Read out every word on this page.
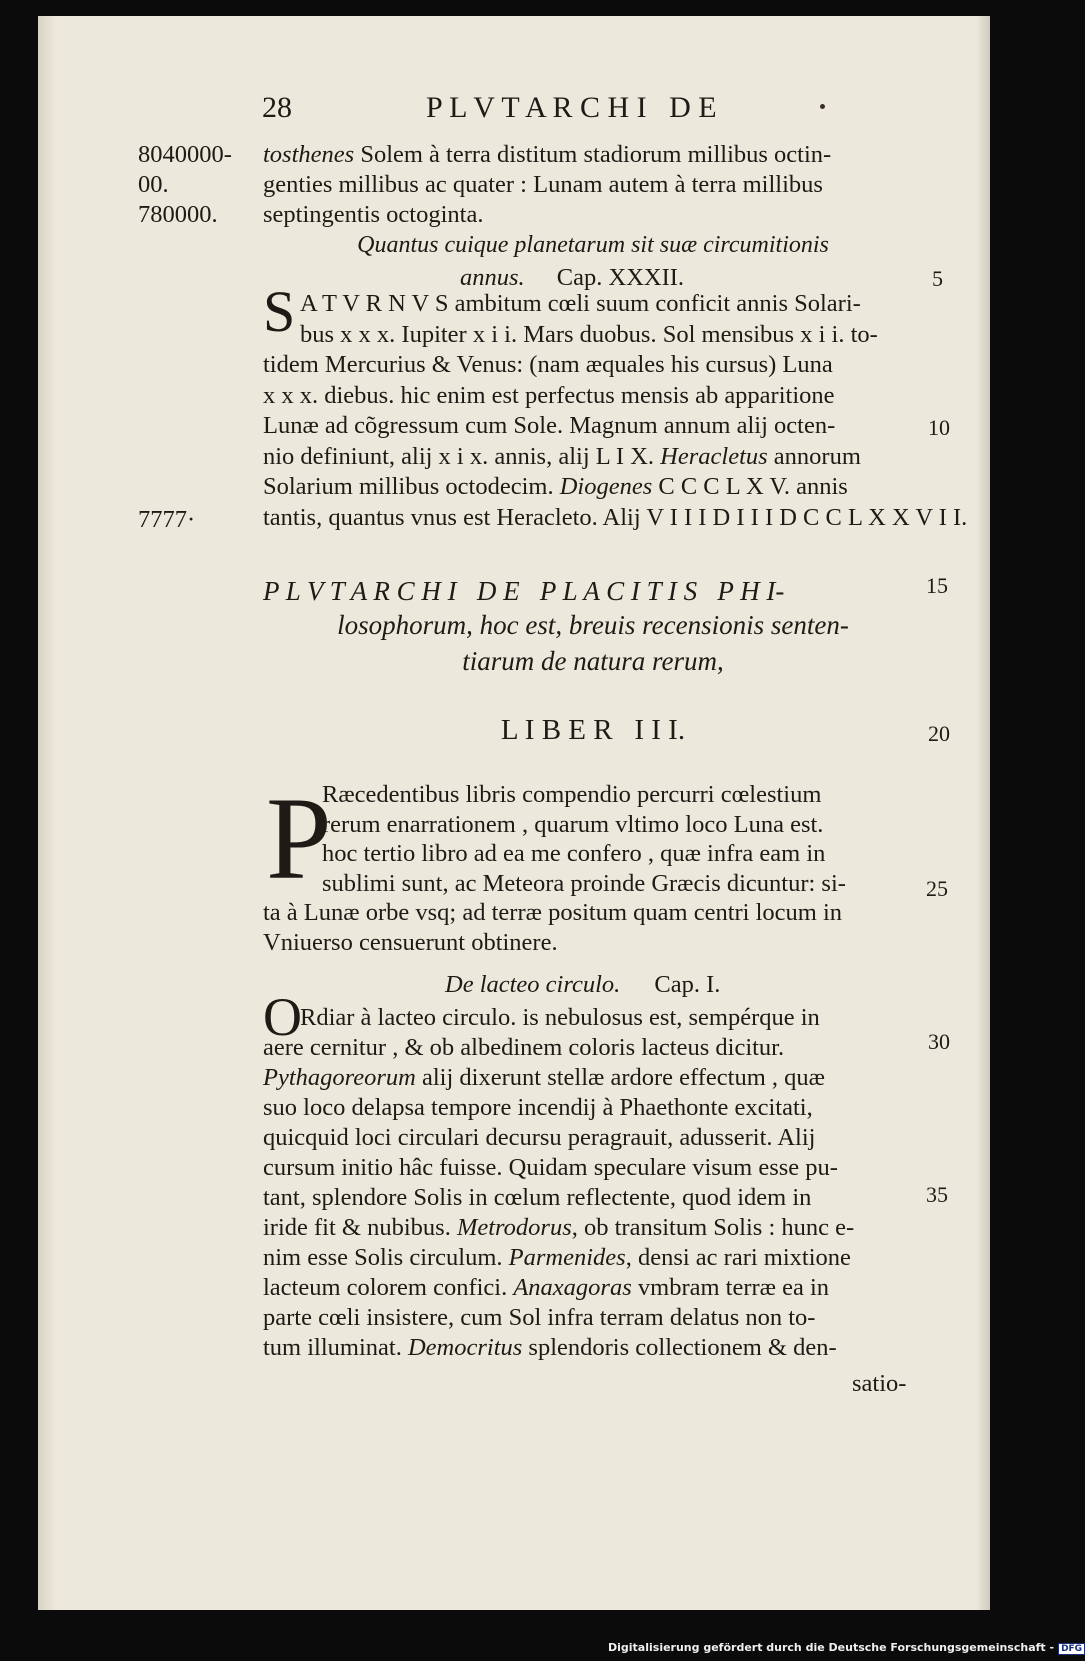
28	P L V T A R C H I   D E
8040000-
00.
780000.
7777·
5
10
15
20
25
30
35
tosthenes Solem à terra distitum stadiorum millibus octin-
genties millibus ac quater : Lunam autem à terra millibus
septingentis octoginta.
Quantus cuique planetarum sit suæ circumitionis
annus. Cap. XXXII.
S A T V R N V S ambitum cœli suum conficit annis Solari-
bus x x x. Iupiter x i i. Mars duobus. Sol mensibus x i i. to-
tidem Mercurius & Venus: (nam æquales his cursus) Luna
x x x. diebus. hic enim est perfectus mensis ab apparitione
Lunæ ad cõgressum cum Sole. Magnum annum alij octen-
nio definiunt, alij x i x. annis, alij L I X. Heracletus annorum
Solarium millibus octodecim. Diogenes C C C L X V. annis
tantis, quantus vnus est Heracleto. Alij V I I I D I I I D C C L X X V I I.
P L V T A R C H I   D E   P L A C I T I S   P H I-
losophorum, hoc est, breuis recensionis senten-
tiarum de natura rerum,
L I B E R   I I I.
P
Ræcedentibus libris compendio percurri cœlestium
rerum enarrationem , quarum vltimo loco Luna est.
hoc tertio libro ad ea me confero , quæ infra eam in
sublimi sunt, ac Meteora proinde Græcis dicuntur: si-
ta à Lunæ orbe vsq; ad terræ positum quam centri locum in
Vniuerso censuerunt obtinere.
De lacteo circulo. Cap. I.
O
Rdiar à lacteo circulo. is nebulosus est, sempérque in
aere cernitur , & ob albedinem coloris lacteus dicitur.
Pythagoreorum alij dixerunt stellæ ardore effectum , quæ
suo loco delapsa tempore incendij à Phaethonte excitati,
quicquid loci circulari decursu peragrauit, adusserit. Alij
cursum initio hâc fuisse. Quidam speculare visum esse pu-
tant, splendore Solis in cœlum reflectente, quod idem in
iride fit & nubibus. Metrodorus, ob transitum Solis : hunc e-
nim esse Solis circulum. Parmenides, densi ac rari mixtione
lacteum colorem confici. Anaxagoras vmbram terræ ea in
parte cœli insistere, cum Sol infra terram delatus non to-
tum illuminat. Democritus splendoris collectionem & den-
satio-
Digitalisierung gefördert durch die Deutsche Forschungsgemeinschaft - DFG
